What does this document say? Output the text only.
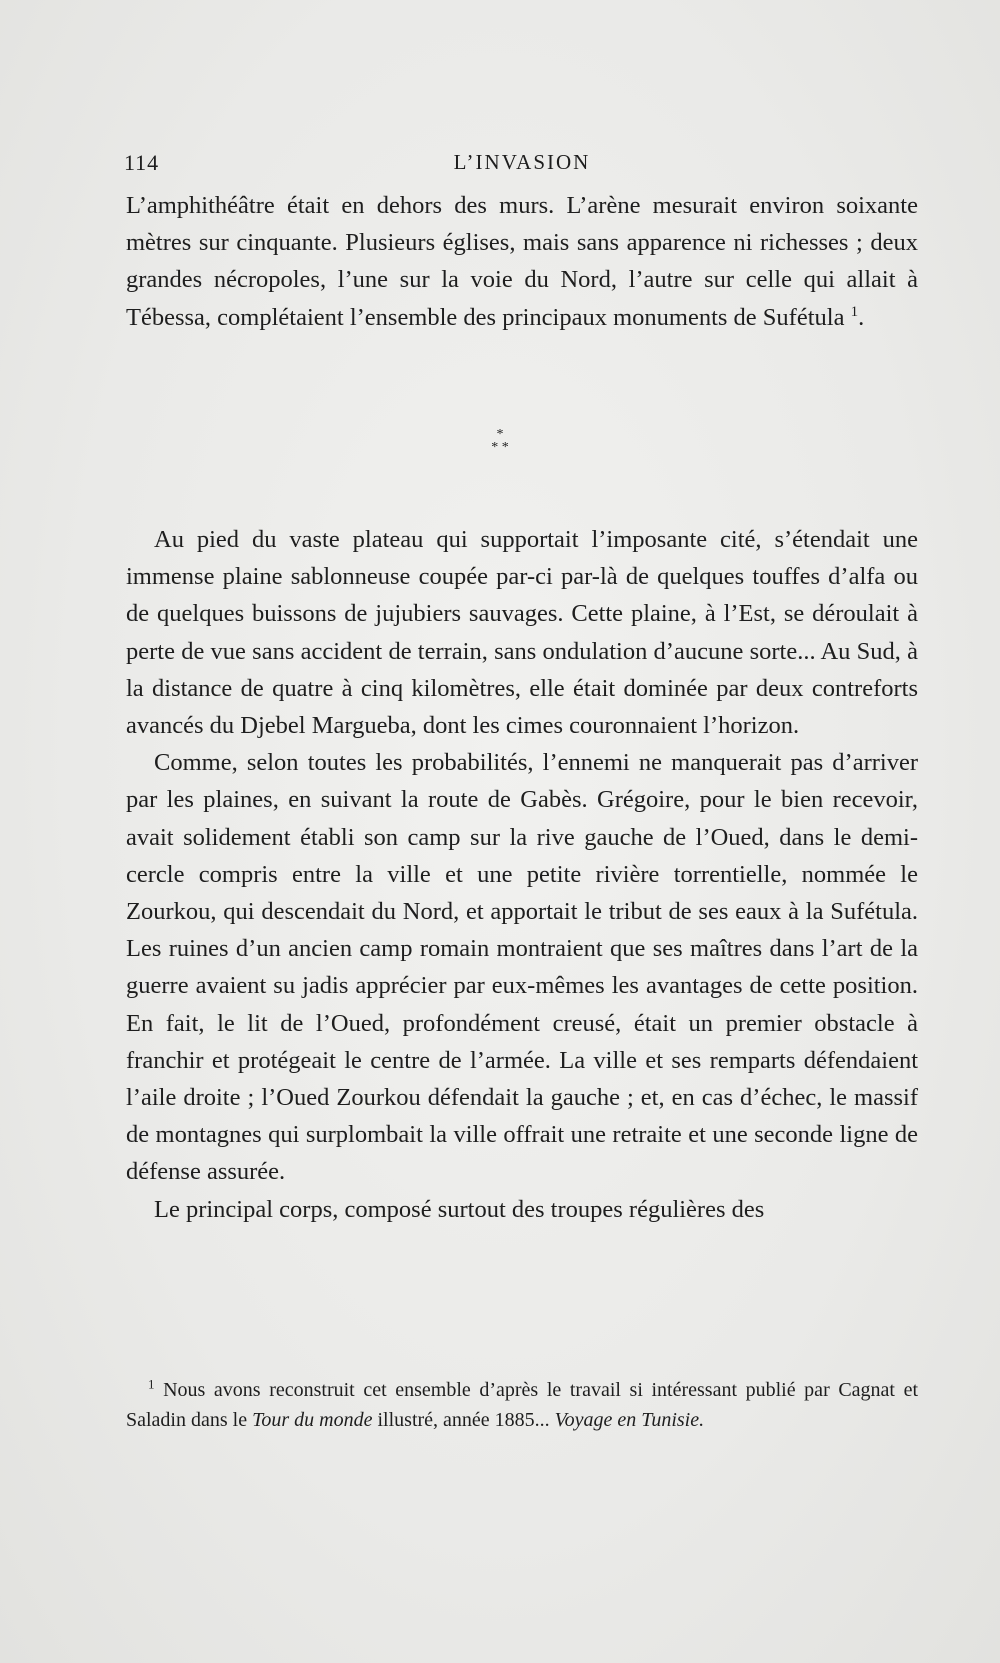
114	L’INVASION

L’amphithéâtre était en dehors des murs. L’arène mesurait environ soixante mètres sur cinquante. Plusieurs églises, mais sans apparence ni richesses ; deux grandes nécropoles, l’une sur la voie du Nord, l’autre sur celle qui allait à Tébessa, complétaient l’ensemble des principaux monuments de Sufétula $^1$.

*
* *

Au pied du vaste plateau qui supportait l’imposante cité, s’étendait une immense plaine sablonneuse coupée par-ci par-là de quelques touffes d’alfa ou de quelques buissons de jujubiers sauvages. Cette plaine, à l’Est, se déroulait à perte de vue sans accident de terrain, sans ondulation d’aucune sorte... Au Sud, à la distance de quatre à cinq kilomètres, elle était dominée par deux contreforts avancés du Djebel Margueba, dont les cimes couronnaient l’horizon.

Comme, selon toutes les probabilités, l’ennemi ne manquerait pas d’arriver par les plaines, en suivant la route de Gabès. Grégoire, pour le bien recevoir, avait solidement établi son camp sur la rive gauche de l’Oued, dans le demi-cercle compris entre la ville et une petite rivière torrentielle, nommée le Zourkou, qui descendait du Nord, et apportait le tribut de ses eaux à la Sufétula. Les ruines d’un ancien camp romain montraient que ses maîtres dans l’art de la guerre avaient su jadis apprécier par eux-mêmes les avantages de cette position. En fait, le lit de l’Oued, profondément creusé, était un premier obstacle à franchir et protégeait le centre de l’armée. La ville et ses remparts défendaient l’aile droite ; l’Oued Zourkou défendait la gauche ; et, en cas d’échec, le massif de montagnes qui surplombait la ville offrait une retraite et une seconde ligne de défense assurée.

Le principal corps, composé surtout des troupes régulières des

$^1$ Nous avons reconstruit cet ensemble d’après le travail si intéressant publié par Cagnat et Saladin dans le Tour du monde illustré, année 1885... Voyage en Tunisie.
